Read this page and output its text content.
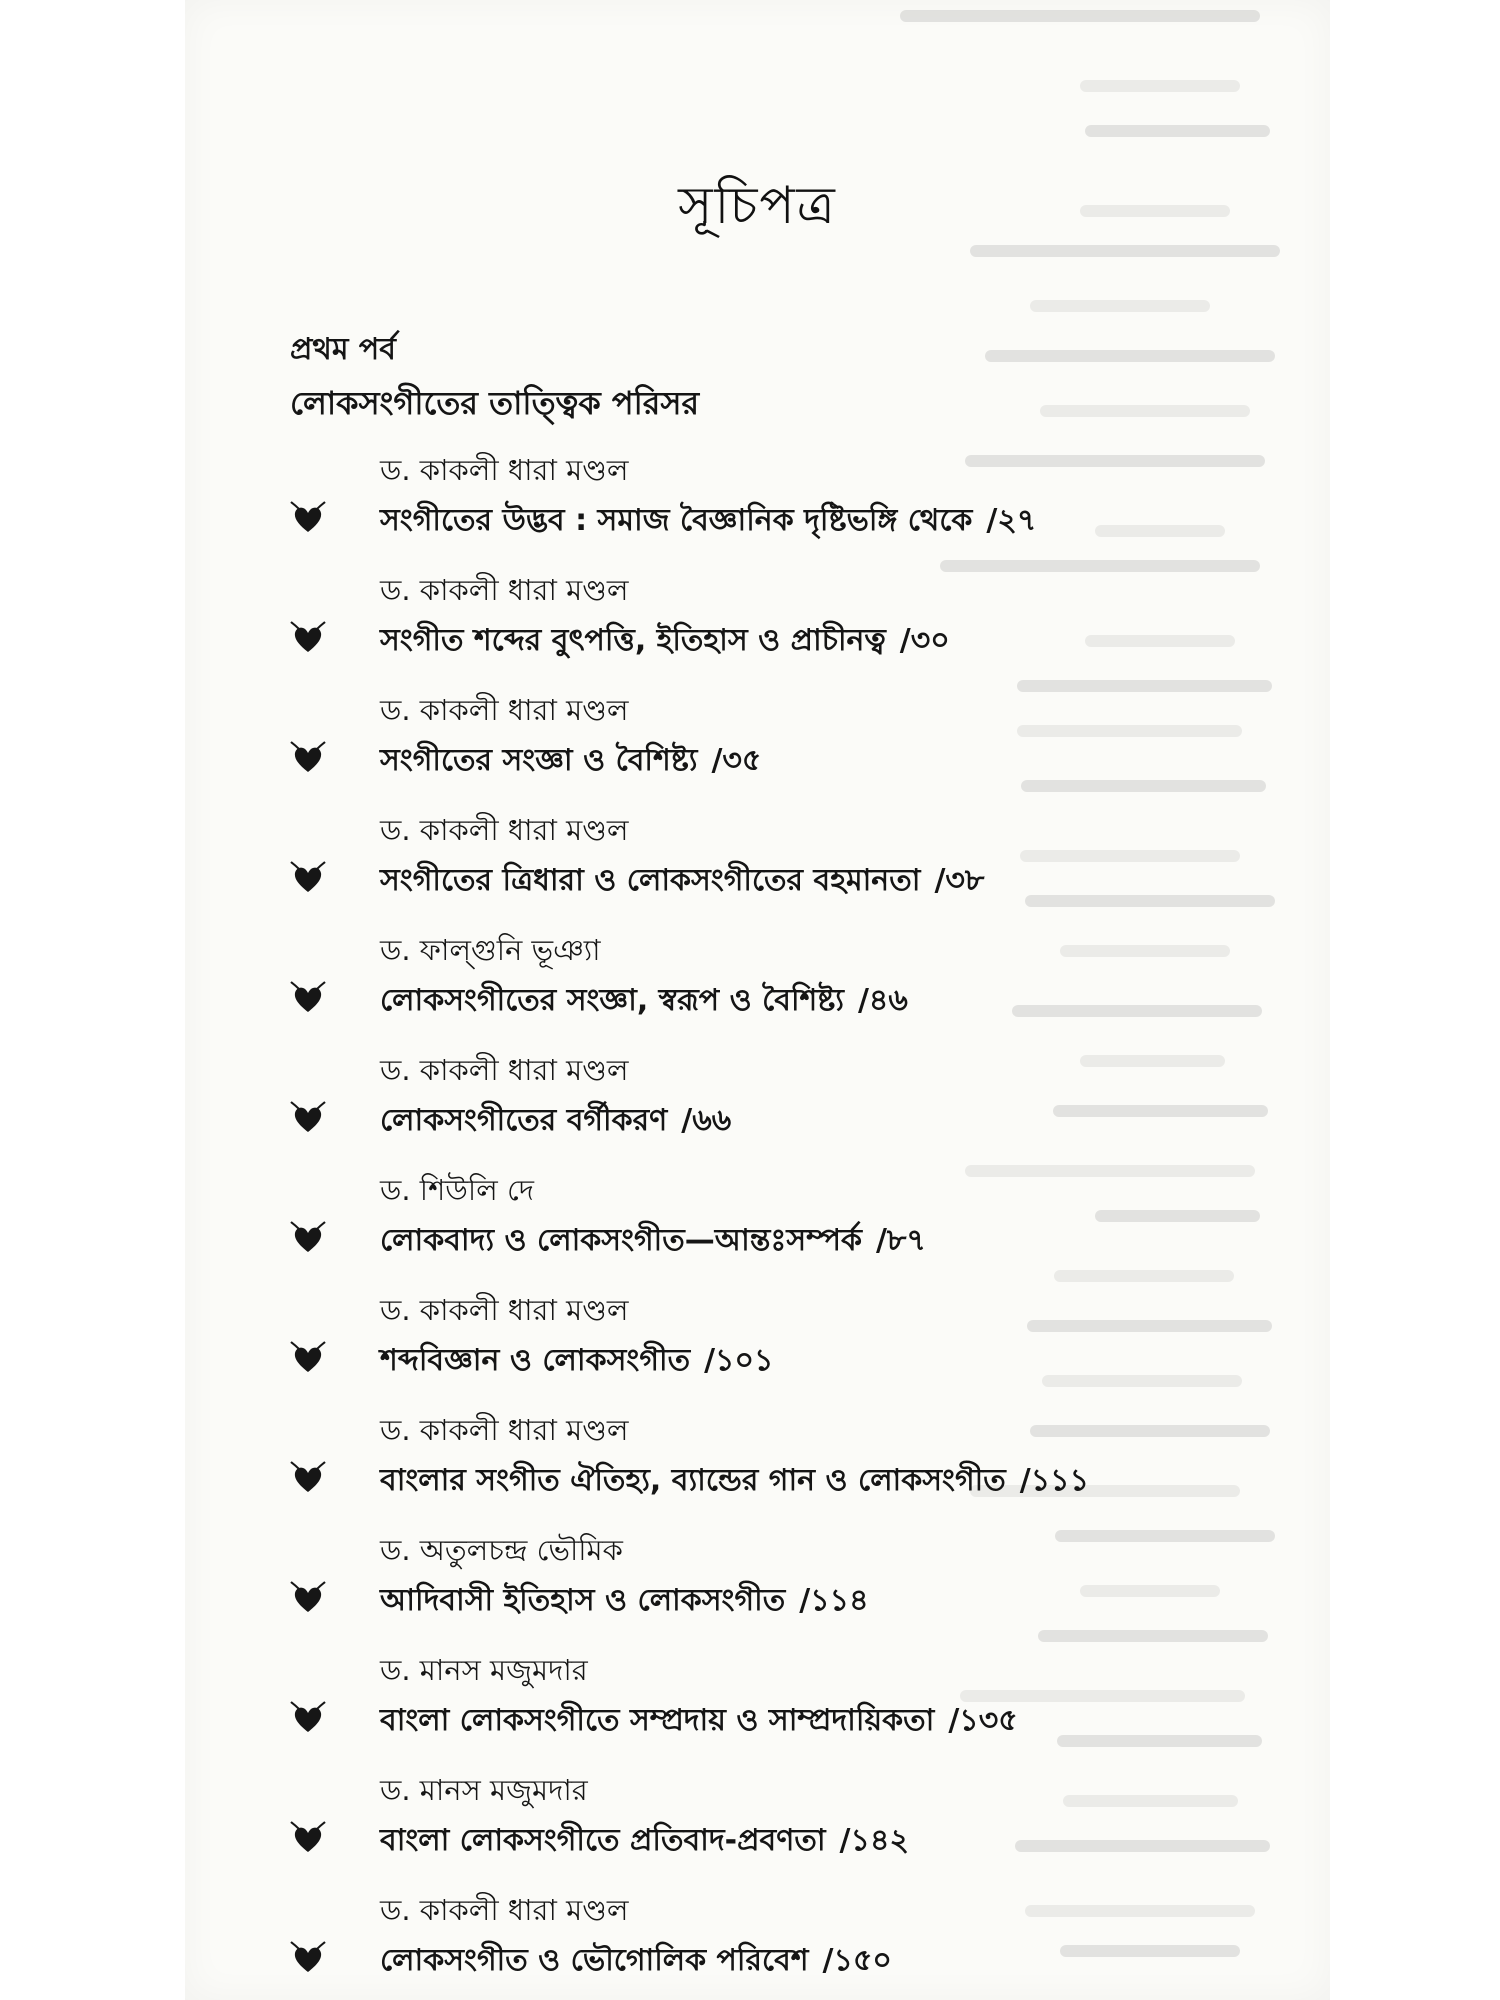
সূচিপত্র
প্রথম পর্ব
লোকসংগীতের তাত্ত্বিক পরিসর
ড. কাকলী ধারা মণ্ডল
সংগীতের উদ্ভব : সমাজ বৈজ্ঞানিক দৃষ্টিভঙ্গি থেকে /২৭
ড. কাকলী ধারা মণ্ডল
সংগীত শব্দের বুৎপত্তি, ইতিহাস ও প্রাচীনত্ব /৩০
ড. কাকলী ধারা মণ্ডল
সংগীতের সংজ্ঞা ও বৈশিষ্ট্য /৩৫
ড. কাকলী ধারা মণ্ডল
সংগীতের ত্রিধারা ও লোকসংগীতের বহমানতা /৩৮
ড. ফাল্গুনি ভূঞ্যা
লোকসংগীতের সংজ্ঞা, স্বরূপ ও বৈশিষ্ট্য /৪৬
ড. কাকলী ধারা মণ্ডল
লোকসংগীতের বর্গীকরণ /৬৬
ড. শিউলি দে
লোকবাদ্য ও লোকসংগীত—আন্তঃসম্পর্ক /৮৭
ড. কাকলী ধারা মণ্ডল
শব্দবিজ্ঞান ও লোকসংগীত /১০১
ড. কাকলী ধারা মণ্ডল
বাংলার সংগীত ঐতিহ্য, ব্যান্ডের গান ও লোকসংগীত /১১১
ড. অতুলচন্দ্র ভৌমিক
আদিবাসী ইতিহাস ও লোকসংগীত /১১৪
ড. মানস মজুমদার
বাংলা লোকসংগীতে সম্প্রদায় ও সাম্প্রদায়িকতা /১৩৫
ড. মানস মজুমদার
বাংলা লোকসংগীতে প্রতিবাদ-প্রবণতা /১৪২
ড. কাকলী ধারা মণ্ডল
লোকসংগীত ও ভৌগোলিক পরিবেশ /১৫০
